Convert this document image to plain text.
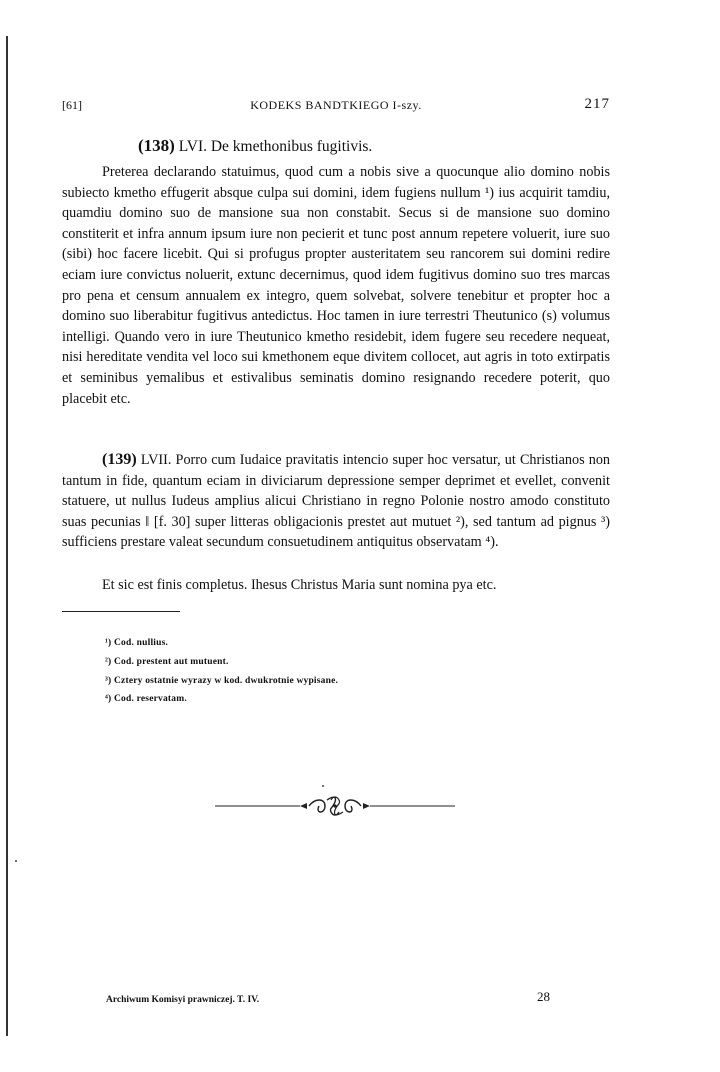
[61]	KODEKS BANDTKIEGO I-szy.	217
(138) LVI. De kmethonibus fugitivis.

Preterea declarando statuimus, quod cum a nobis sive a quocunque alio domino nobis subiecto kmetho effugerit absque culpa sui domini, idem fugiens nullum ¹) ius acquirit tamdiu, quamdiu domino suo de mansione sua non constabit. Secus si de mansione suo domino constiterit et infra annum ipsum iure non pecierit et tunc post annum repetere voluerit, iure suo (sibi) hoc facere licebit. Qui si profugus propter austeritatem seu rancorem sui domini redire eciam iure convictus noluerit, extunc decernimus, quod idem fugitivus domino suo tres marcas pro pena et censum annualem ex integro, quem solvebat, solvere tenebitur et propter hoc a domino suo liberabitur fugitivus antedictus. Hoc tamen in iure terrestri Theutunico (s) volumus intelligi. Quando vero in iure Theutunico kmetho residebit, idem fugere seu recedere nequeat, nisi hereditate vendita vel loco sui kmethonem eque divitem collocet, aut agris in toto extirpatis et seminibus yemalibus et estivalibus seminatis domino resignando recedere poterit, quo placebit etc.

(139) LVII. Porro cum Iudaice pravitatis intencio super hoc versatur, ut Christianos non tantum in fide, quantum eciam in diviciarum depressione semper deprimet et evellet, convenit statuere, ut nullus Iudeus amplius alicui Christiano in regno Polonie nostro amodo constituto suas pecunias ‖ [f. 30] super litteras obligacionis prestet aut mutuet ²), sed tantum ad pignus ³) sufficiens prestare valeat secundum consuetudinem antiquitus observatam ⁴).

Et sic est finis completus. Ihesus Christus Maria sunt nomina pya etc.

¹) Cod. nullius.
²) Cod. prestent aut mutuent.
³) Cztery ostatnie wyrazy w kod. dwukrotnie wypisane.
⁴) Cod. reservatam.
Archiwum Komisyi prawniczej. T. IV.	28
